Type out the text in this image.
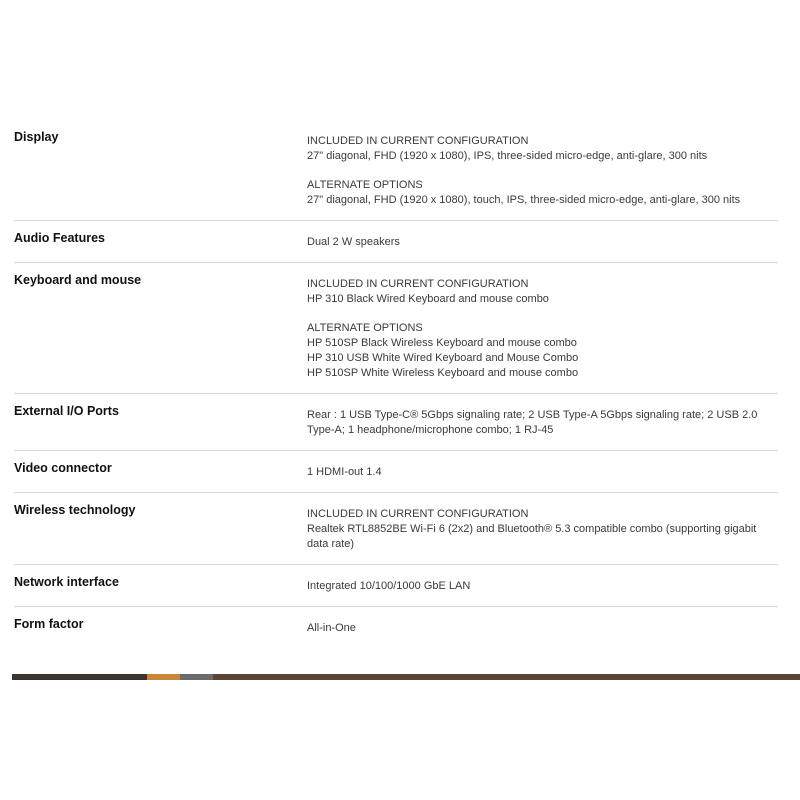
Display	INCLUDED IN CURRENT CONFIGURATION
27" diagonal, FHD (1920 x 1080), IPS, three-sided micro-edge, anti-glare, 300 nits
ALTERNATE OPTIONS
27" diagonal, FHD (1920 x 1080), touch, IPS, three-sided micro-edge, anti-glare, 300 nits
Audio Features	Dual 2 W speakers
Keyboard and mouse	INCLUDED IN CURRENT CONFIGURATION
HP 310 Black Wired Keyboard and mouse combo
ALTERNATE OPTIONS
HP 510SP Black Wireless Keyboard and mouse combo
HP 310 USB White Wired Keyboard and Mouse Combo
HP 510SP White Wireless Keyboard and mouse combo
External I/O Ports	Rear : 1 USB Type-C® 5Gbps signaling rate; 2 USB Type-A 5Gbps signaling rate; 2 USB 2.0 Type-A; 1 headphone/microphone combo; 1 RJ-45
Video connector	1 HDMI-out 1.4
Wireless technology	INCLUDED IN CURRENT CONFIGURATION
Realtek RTL8852BE Wi-Fi 6 (2x2) and Bluetooth® 5.3 compatible combo (supporting gigabit data rate)
Network interface	Integrated 10/100/1000 GbE LAN
Form factor	All-in-One
